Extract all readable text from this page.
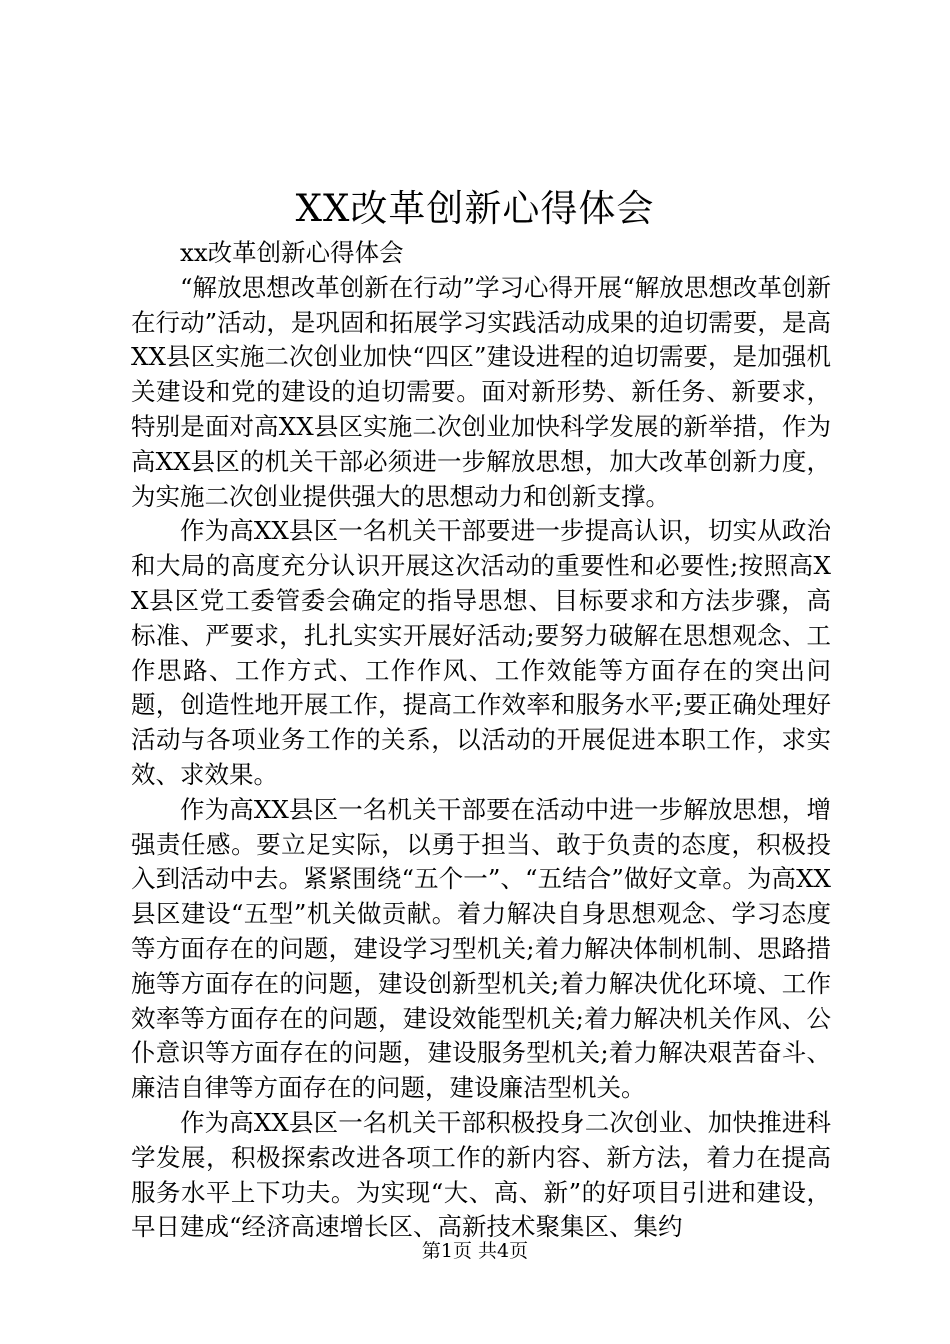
XX改革创新心得体会

xx改革创新心得体会

“解放思想改革创新在行动”学习心得开展“解放思想改革创新在行动”活动，是巩固和拓展学习实践活动成果的迫切需要，是高XX县区实施二次创业加快“四区”建设进程的迫切需要，是加强机关建设和党的建设的迫切需要。面对新形势、新任务、新要求，特别是面对高XX县区实施二次创业加快科学发展的新举措，作为高XX县区的机关干部必须进一步解放思想，加大改革创新力度，为实施二次创业提供强大的思想动力和创新支撑。

作为高XX县区一名机关干部要进一步提高认识，切实从政治和大局的高度充分认识开展这次活动的重要性和必要性;按照高XX县区党工委管委会确定的指导思想、目标要求和方法步骤，高标准、严要求，扎扎实实开展好活动;要努力破解在思想观念、工作思路、工作方式、工作作风、工作效能等方面存在的突出问题，创造性地开展工作，提高工作效率和服务水平;要正确处理好活动与各项业务工作的关系，以活动的开展促进本职工作，求实效、求效果。

作为高XX县区一名机关干部要在活动中进一步解放思想，增强责任感。要立足实际，以勇于担当、敢于负责的态度，积极投入到活动中去。紧紧围绕“五个一”、“五结合”做好文章。为高XX县区建设“五型”机关做贡献。着力解决自身思想观念、学习态度等方面存在的问题，建设学习型机关;着力解决体制机制、思路措施等方面存在的问题，建设创新型机关;着力解决优化环境、工作效率等方面存在的问题，建设效能型机关;着力解决机关作风、公仆意识等方面存在的问题，建设服务型机关;着力解决艰苦奋斗、廉洁自律等方面存在的问题，建设廉洁型机关。

作为高XX县区一名机关干部积极投身二次创业、加快推进科学发展，积极探索改进各项工作的新内容、新方法，着力在提高服务水平上下功夫。为实现“大、高、新”的好项目引进和建设，早日建成“经济高速增长区、高新技术聚集区、集约

第1页 共4页
